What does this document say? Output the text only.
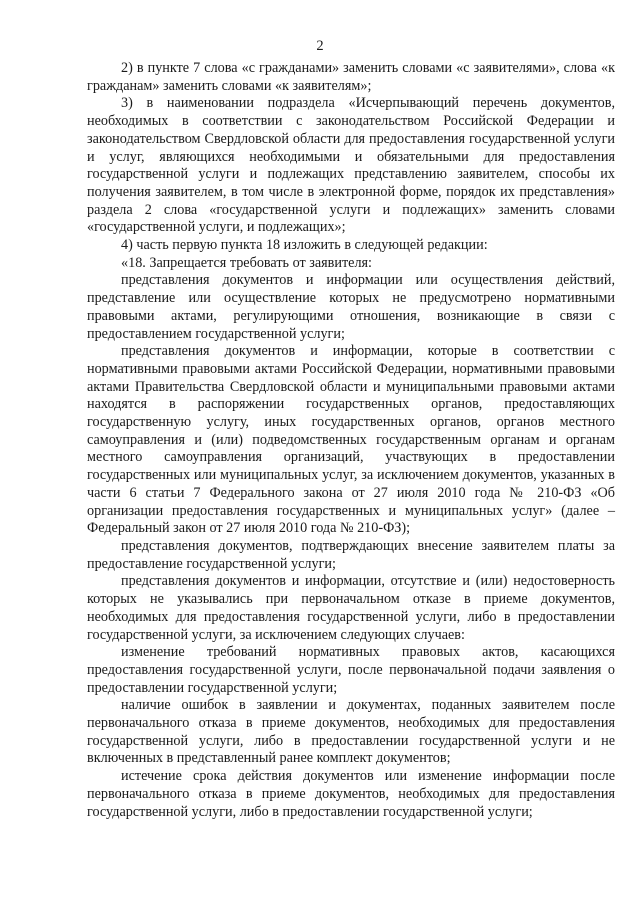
2

2) в пункте 7 слова «с гражданами» заменить словами «с заявителями», слова «к гражданам» заменить словами «к заявителям»;

3) в наименовании подраздела «Исчерпывающий перечень документов, необходимых в соответствии с законодательством Российской Федерации и законодательством Свердловской области для предоставления государственной услуги и услуг, являющихся необходимыми и обязательными для предоставления государственной услуги и подлежащих представлению заявителем, способы их получения заявителем, в том числе в электронной форме, порядок их представления» раздела 2 слова «государственной услуги и подлежащих» заменить словами «государственной услуги, и подлежащих»;

4) часть первую пункта 18 изложить в следующей редакции:

«18. Запрещается требовать от заявителя:

представления документов и информации или осуществления действий, представление или осуществление которых не предусмотрено нормативными правовыми актами, регулирующими отношения, возникающие в связи с предоставлением государственной услуги;

представления документов и информации, которые в соответствии с нормативными правовыми актами Российской Федерации, нормативными правовыми актами Правительства Свердловской области и муниципальными правовыми актами находятся в распоряжении государственных органов, предоставляющих государственную услугу, иных государственных органов, органов местного самоуправления и (или) подведомственных государственным органам и органам местного самоуправления организаций, участвующих в предоставлении государственных или муниципальных услуг, за исключением документов, указанных в части 6 статьи 7 Федерального закона от 27 июля 2010 года № 210-ФЗ «Об организации предоставления государственных и муниципальных услуг» (далее – Федеральный закон от 27 июля 2010 года № 210-ФЗ);

представления документов, подтверждающих внесение заявителем платы за предоставление государственной услуги;

представления документов и информации, отсутствие и (или) недостоверность которых не указывались при первоначальном отказе в приеме документов, необходимых для предоставления государственной услуги, либо в предоставлении государственной услуги, за исключением следующих случаев:

изменение требований нормативных правовых актов, касающихся предоставления государственной услуги, после первоначальной подачи заявления о предоставлении государственной услуги;

наличие ошибок в заявлении и документах, поданных заявителем после первоначального отказа в приеме документов, необходимых для предоставления государственной услуги, либо в предоставлении государственной услуги и не включенных в представленный ранее комплект документов;

истечение срока действия документов или изменение информации после первоначального отказа в приеме документов, необходимых для предоставления государственной услуги, либо в предоставлении государственной услуги;
